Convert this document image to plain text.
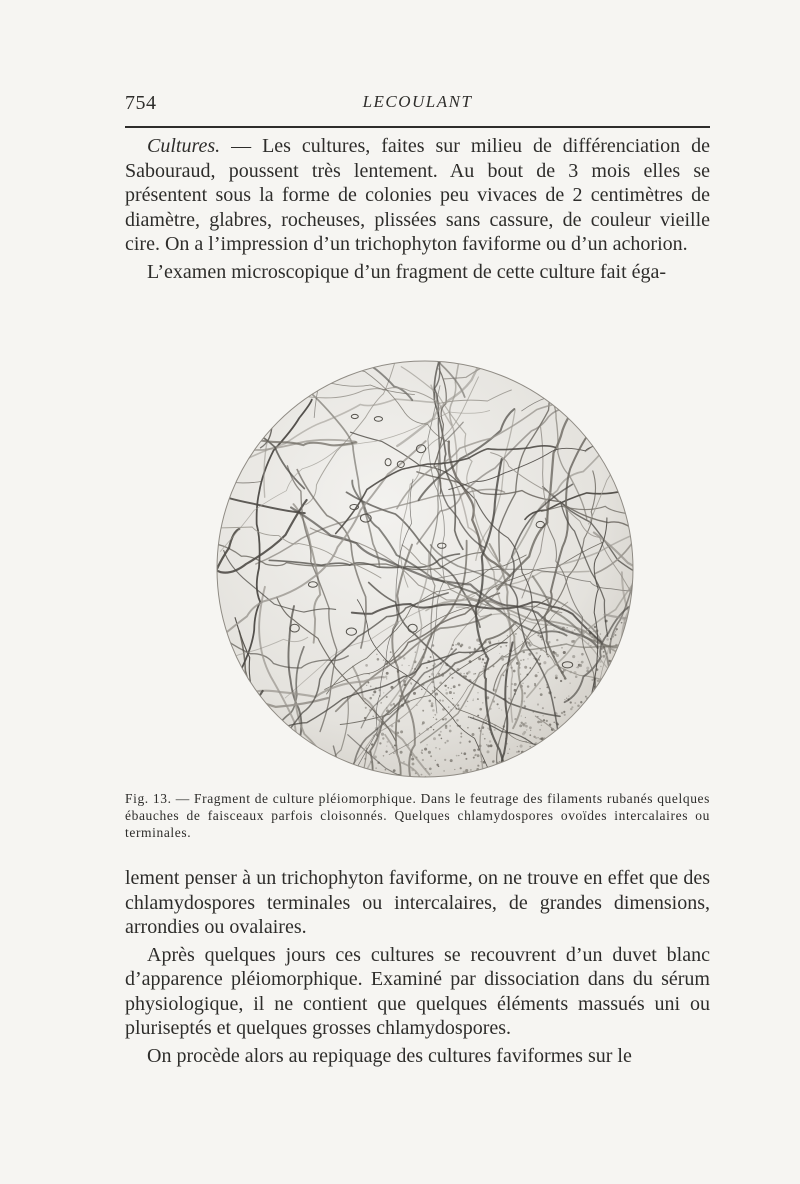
754	LECOULANT

Cultures. — Les cultures, faites sur milieu de différenciation de Sabouraud, poussent très lentement. Au bout de 3 mois elles se présentent sous la forme de colonies peu vivaces de 2 centimètres de diamètre, glabres, rocheuses, plissées sans cassure, de couleur vieille cire. On a l’impression d’un trichophyton faviforme ou d’un achorion.

L’examen microscopique d’un fragment de cette culture fait éga-

Fig. 13. — Fragment de culture pléiomorphique. Dans le feutrage des filaments rubanés quelques ébauches de faisceaux parfois cloisonnés. Quelques chlamydospores ovoïdes intercalaires ou terminales.

lement penser à un trichophyton faviforme, on ne trouve en effet que des chlamydospores terminales ou intercalaires, de grandes dimensions, arrondies ou ovalaires.

Après quelques jours ces cultures se recouvrent d’un duvet blanc d’apparence pléiomorphique. Examiné par dissociation dans du sérum physiologique, il ne contient que quelques éléments massués uni ou pluriseptés et quelques grosses chlamydospores.

On procède alors au repiquage des cultures faviformes sur le
